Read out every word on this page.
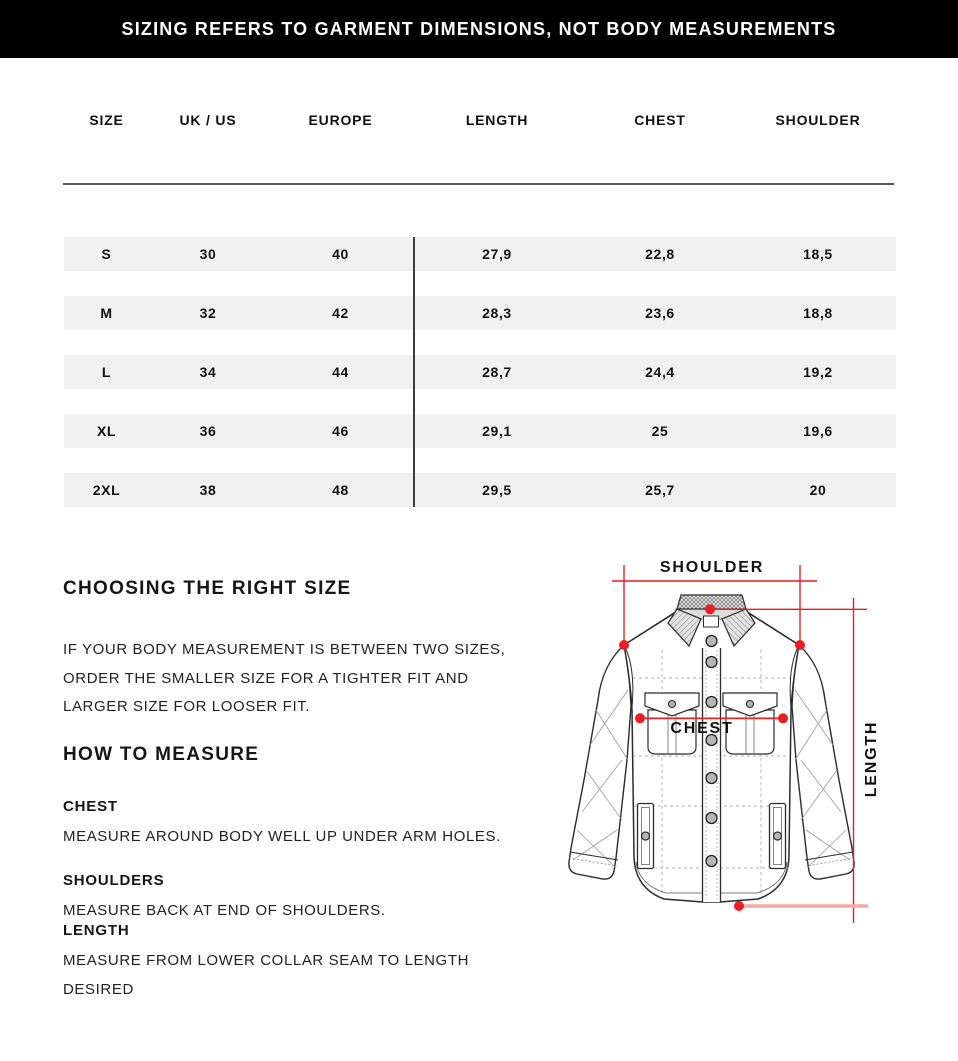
SIZING REFERS TO GARMENT DIMENSIONS, NOT BODY MEASUREMENTS
SIZE	UK / US	EUROPE	LENGTH	CHEST	SHOULDER
S	30	40	27,9	22,8	18,5
M	32	42	28,3	23,6	18,8
L	34	44	28,7	24,4	19,2
XL	36	46	29,1	25	19,6
2XL	38	48	29,5	25,7	20
CHOOSING THE RIGHT SIZE
IF YOUR BODY MEASUREMENT IS BETWEEN TWO SIZES,
ORDER THE SMALLER SIZE FOR A TIGHTER FIT AND
LARGER SIZE FOR LOOSER FIT.
HOW TO MEASURE
CHEST
MEASURE AROUND BODY WELL UP UNDER ARM HOLES.
SHOULDERS
MEASURE BACK AT END OF SHOULDERS.
LENGTH
MEASURE FROM LOWER COLLAR SEAM TO LENGTH
DESIRED
SHOULDER
CHEST	LENGTH
